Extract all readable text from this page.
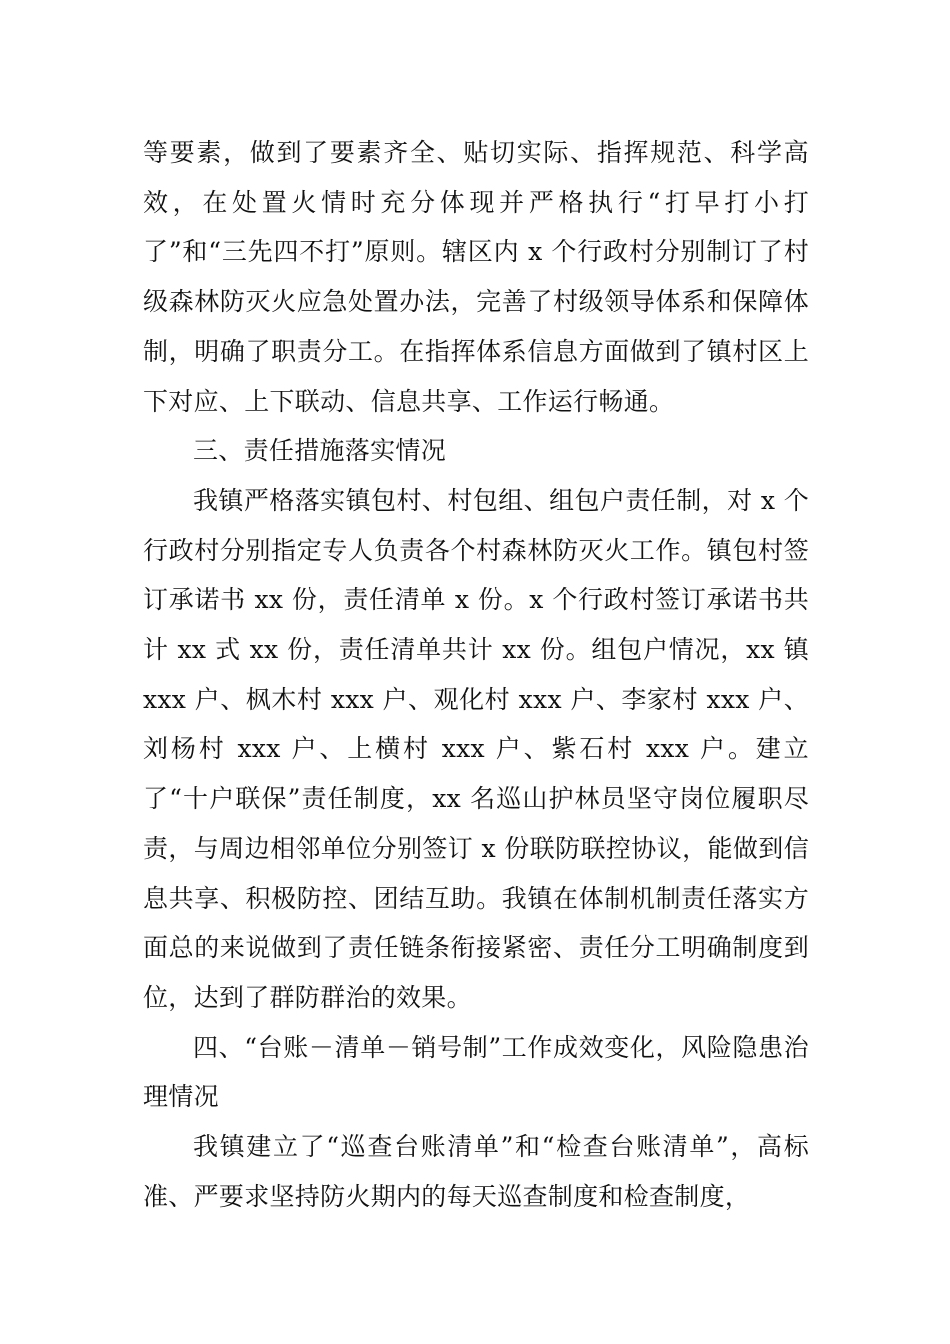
等要素，做到了要素齐全、贴切实际、指挥规范、科学高效，在处置火情时充分体现并严格执行“打早打小打了”和“三先四不打”原则。辖区内 x 个行政村分别制订了村级森林防灭火应急处置办法，完善了村级领导体系和保障体制，明确了职责分工。在指挥体系信息方面做到了镇村区上下对应、上下联动、信息共享、工作运行畅通。

三、责任措施落实情况

我镇严格落实镇包村、村包组、组包户责任制，对 x 个行政村分别指定专人负责各个村森林防灭火工作。镇包村签订承诺书 xx 份，责任清单 x 份。x 个行政村签订承诺书共计 xx 式 xx 份，责任清单共计 xx 份。组包户情况，xx 镇 xxx 户、枫木村 xxx 户、观化村 xxx 户、李家村 xxx 户、刘杨村 xxx 户、上横村 xxx 户、紫石村 xxx 户。建立了“十户联保”责任制度，xx 名巡山护林员坚守岗位履职尽责，与周边相邻单位分别签订 x 份联防联控协议，能做到信息共享、积极防控、团结互助。我镇在体制机制责任落实方面总的来说做到了责任链条衔接紧密、责任分工明确制度到位，达到了群防群治的效果。

四、“台账－清单－销号制”工作成效变化，风险隐患治理情况

我镇建立了“巡查台账清单”和“检查台账清单”，高标准、严要求坚持防火期内的每天巡查制度和检查制度，
